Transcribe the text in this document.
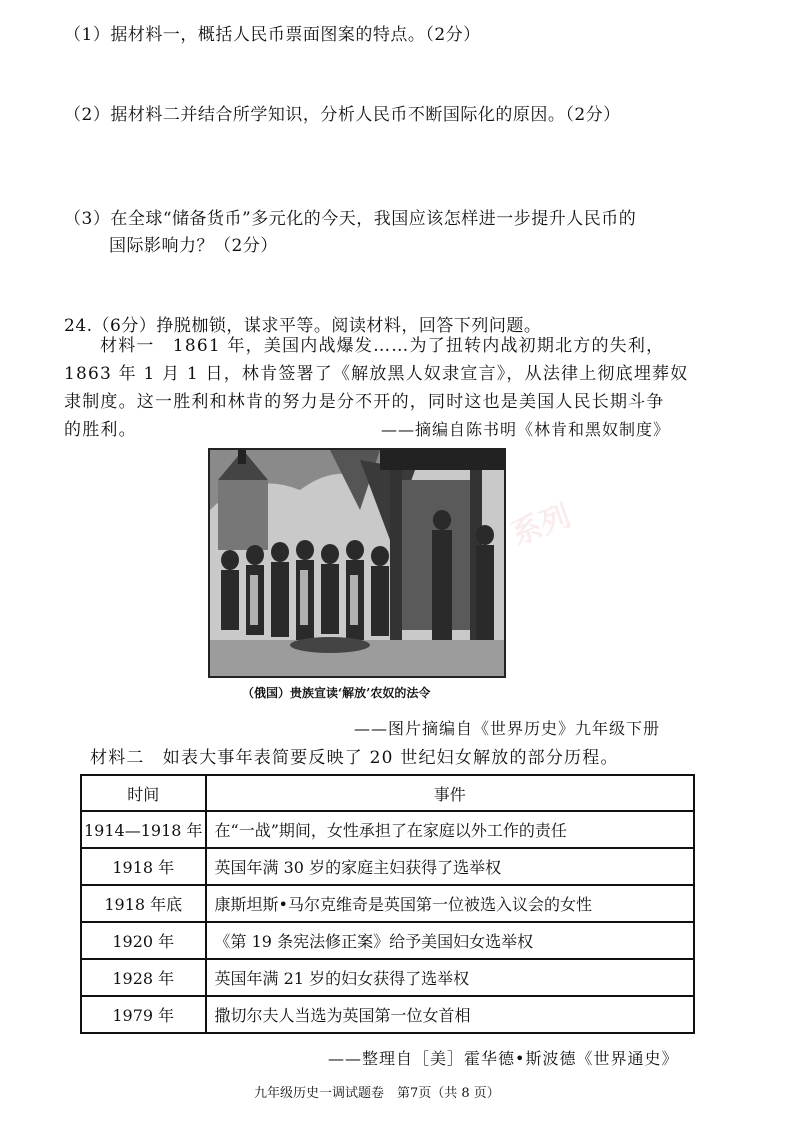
（1）据材料一，概括人民币票面图案的特点。（2分）
（2）据材料二并结合所学知识，分析人民币不断国际化的原因。（2分）
（3）在全球“储备货币”多元化的今天，我国应该怎样进一步提升人民币的
国际影响力？（2分）
24.（6分）挣脱枷锁，谋求平等。阅读材料，回答下列问题。
材料一　1861 年，美国内战爆发……为了扭转内战初期北方的失利，
1863 年 1 月 1 日，林肯签署了《解放黑人奴隶宣言》，从法律上彻底埋葬奴
隶制度。这一胜利和林肯的努力是分不开的，同时这也是美国人民长期斗争
的胜利。	——摘编自陈书明《林肯和黑奴制度》
系列
（俄国）贵族宣读‘解放’农奴的法令
——图片摘编自《世界历史》九年级下册
材料二　如表大事年表简要反映了 20 世纪妇女解放的部分历程。
时间	事件
1914—1918 年	在“一战”期间，女性承担了在家庭以外工作的责任
1918 年	英国年满 30 岁的家庭主妇获得了选举权
1918 年底	康斯坦斯•马尔克维奇是英国第一位被选入议会的女性
1920 年	《第 19 条宪法修正案》给予美国妇女选举权
1928 年	英国年满 21 岁的妇女获得了选举权
1979 年	撒切尔夫人当选为英国第一位女首相
——整理自［美］霍华德•斯波德《世界通史》
九年级历史一调试题卷　第7页（共 8 页）
